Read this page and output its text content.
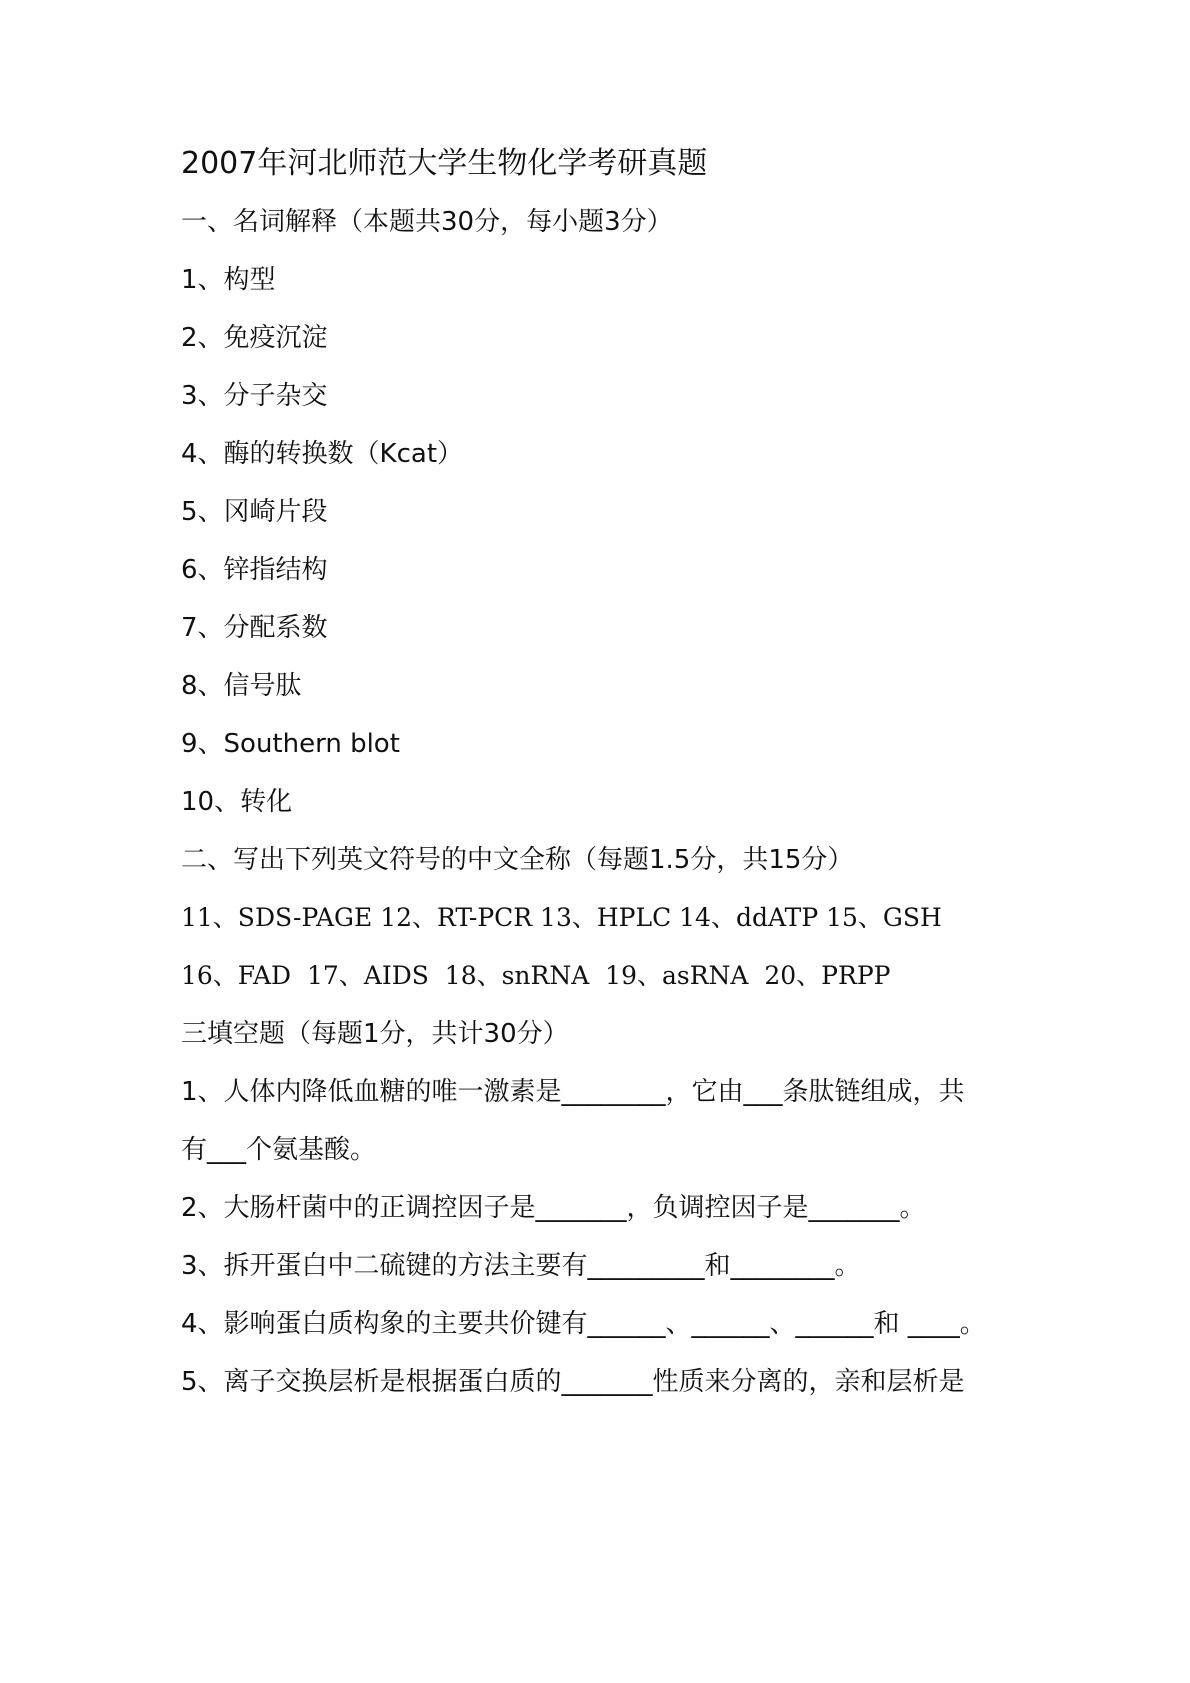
2007年河北师范大学生物化学考研真题
一、名词解释（本题共30分，每小题3分）
1、构型
2、免疫沉淀
3、分子杂交
4、酶的转换数（Kcat）
5、冈崎片段
6、锌指结构
7、分配系数
8、信号肽
9、Southern blot
10、转化
二、写出下列英文符号的中文全称（每题1.5分，共15分）
11、SDS-PAGE 12、RT-PCR 13、HPLC 14、ddATP 15、GSH
16、FAD  17、AIDS  18、snRNA  19、asRNA  20、PRPP
三填空题（每题1分，共计30分）
1、人体内降低血糖的唯一激素是________，它由___条肽链组成，共
有___个氨基酸。
2、大肠杆菌中的正调控因子是_______，负调控因子是_______。
3、拆开蛋白中二硫键的方法主要有_________和________。
4、影响蛋白质构象的主要共价键有______、______、______和 ____。
5、离子交换层析是根据蛋白质的_______性质来分离的，亲和层析是
